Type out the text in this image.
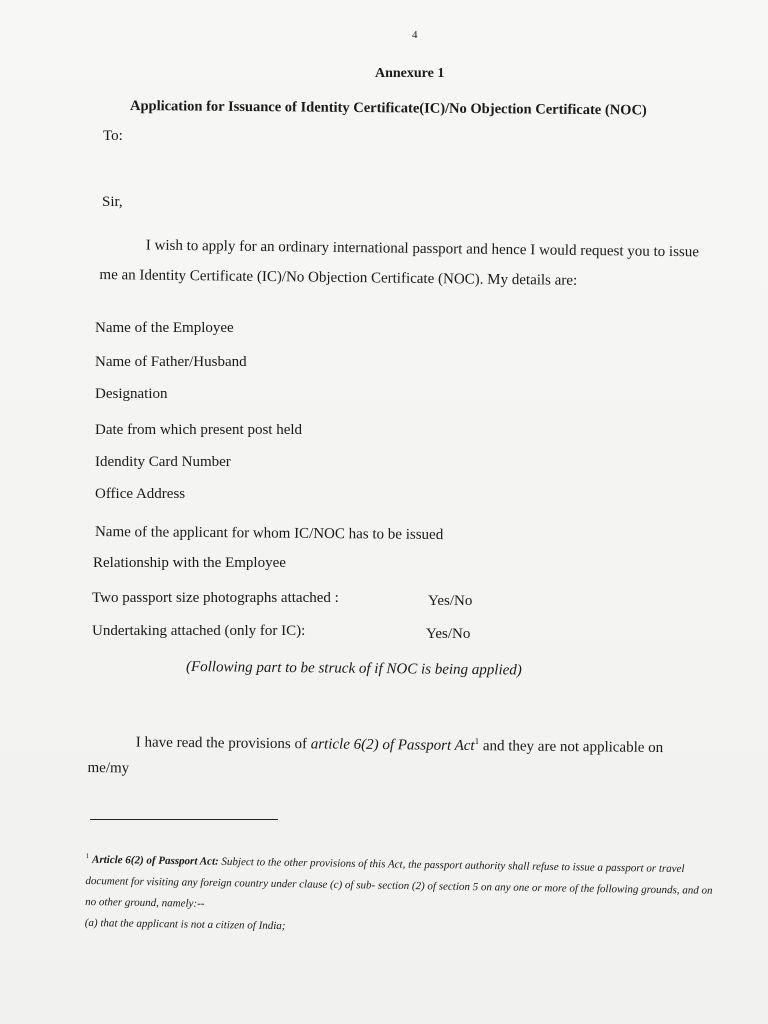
4
Annexure 1
Application for Issuance of Identity Certificate(IC)/No Objection Certificate (NOC)
To:
Sir,
I wish to apply for an ordinary international passport and hence I would request you to issue me an Identity Certificate (IC)/No Objection Certificate (NOC). My details are:
Name of the Employee
Name of Father/Husband
Designation
Date from which present post held
Idendity Card Number
Office Address
Name of the applicant for whom IC/NOC has to be issued
Relationship with the Employee
Two passport size photographs attached :	Yes/No
Undertaking attached (only for IC):	Yes/No
(Following part to be struck of if NOC is being applied)
I have read the provisions of article 6(2) of Passport Act$^1$ and they are not applicable on me/my
$^1$ Article 6(2) of Passport Act: Subject to the other provisions of this Act, the passport authority shall refuse to issue a passport or travel document for visiting any foreign country under clause (c) of sub- section (2) of section 5 on any one or more of the following grounds, and on no other ground, namely:--
(a) that the applicant is not a citizen of India;
